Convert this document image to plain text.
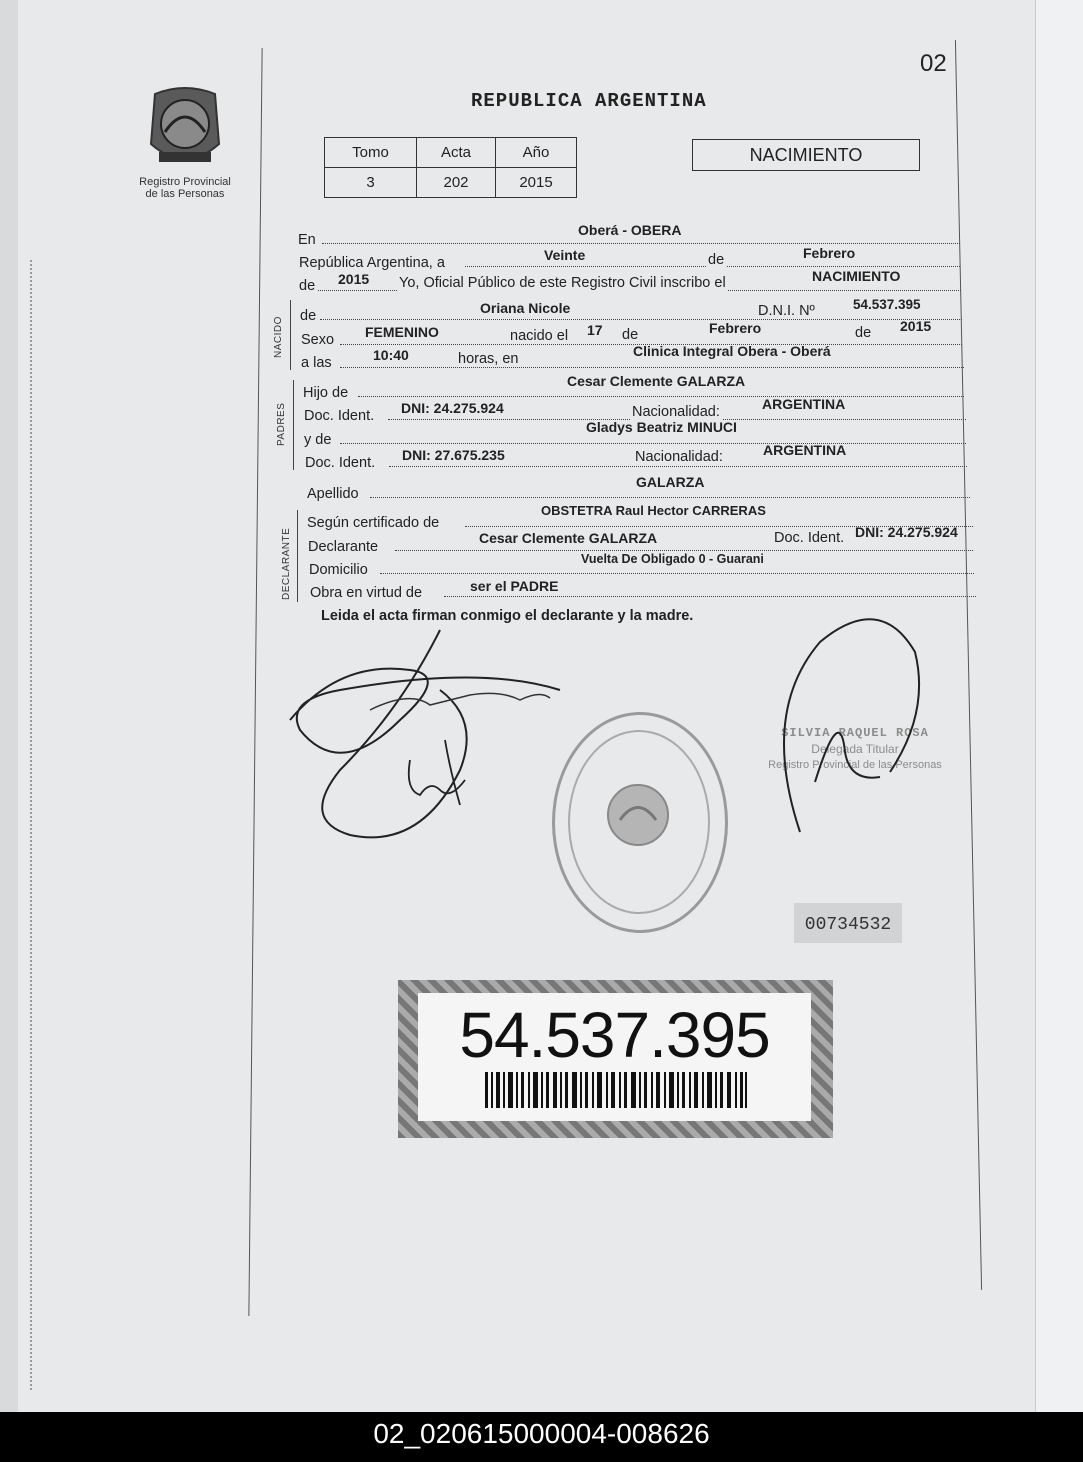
02
REPUBLICA ARGENTINA
Registro Provincial
de las Personas
Tomo	Acta	Año
3	202	2015
NACIMIENTO
En
Oberá - OBERA
República Argentina, a	Veinte	de	Febrero
de 2015 Yo, Oficial Público de este Registro Civil inscribo el	NACIMIENTO
NACIDO
de	Oriana Nicole	D.N.I. Nº	54.537.395
Sexo FEMENINO	nacido el 17 de	Febrero	de 2015
a las	10:40	horas, en	Clinica Integral Obera - Oberá
PADRES
Hijo de
Cesar Clemente GALARZA
Doc. Ident. DNI: 24.275.924	Nacionalidad:	ARGENTINA
y de
Gladys Beatriz MINUCI
Doc. Ident. DNI: 27.675.235	Nacionalidad:	ARGENTINA
Apellido
GALARZA
DECLARANTE
Según certificado de
OBSTETRA Raul Hector CARRERAS
Declarante
Cesar Clemente GALARZA	Doc. Ident. DNI: 24.275.924
Domicilio
Vuelta De Obligado 0 - Guarani
Obra en virtud de	ser el PADRE
Leida el acta firman conmigo el declarante y la madre.
SILVIA RAQUEL ROSA
Delegada Titular
Registro Provincial de las Personas
00734532
54.537.395
02_020615000004-008626
